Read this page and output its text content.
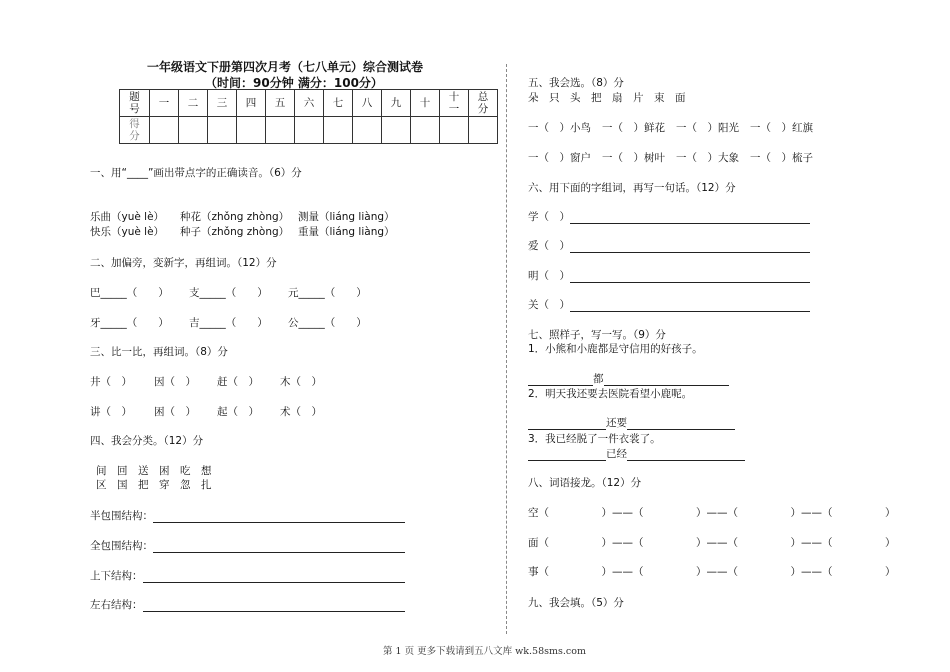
一年级语文下册第四次月考（七八单元）综合测试卷
（时间：90分钟 满分：100分）
题号	一	二	三	四	五	六	七	八	九	十	十一	总分
得分												
一、用“____”画出带点字的正确读音。（6）分
乐曲（yuè lè） 种花（zhǒng zhòng） 测量（liáng liàng）
快乐（yuè lè） 种子（zhǒng zhòng） 重量（liáng liàng）
二、加偏旁，变新字，再组词。（12）分
巴_____（　　） 支_____（　　） 元_____（　　）
牙_____（　　） 吉_____（　　） 公_____（　　）
三、比一比，再组词。（8）分
井（　） 因（　） 赶（　） 木（　）
讲（　） 困（　） 起（　） 术（　）
四、我会分类。（12）分
间　回　送　困　吃　想
区　国　把　穿　忽　扎
半包围结构：
全包围结构：
上下结构：
左右结构：
五、我会选。（8）分
朵　只　头　把　扇　片　束　面
一（　）小鸟 一（　）鲜花 一（　）阳光 一（　）红旗
一（　）窗户 一（　）树叶 一（　）大象 一（　）梳子
六、用下面的字组词，再写一句话。（12）分
学（　）
爱（　）
明（　）
关（　）
七、照样子，写一写。（9）分
1．小熊和小鹿都是守信用的好孩子。
都
2．明天我还要去医院看望小鹿呢。
还要
3．我已经脱了一件衣裳了。
已经
八、词语接龙。（12）分
空（　　　　　）——（　　　　　）——（　　　　　）——（　　　　　）
面（　　　　　）——（　　　　　）——（　　　　　）——（　　　　　）
事（　　　　　）——（　　　　　）——（　　　　　）——（　　　　　）
九、我会填。（5）分
第 1 页 更多下载请到五八文库 wk.58sms.com
